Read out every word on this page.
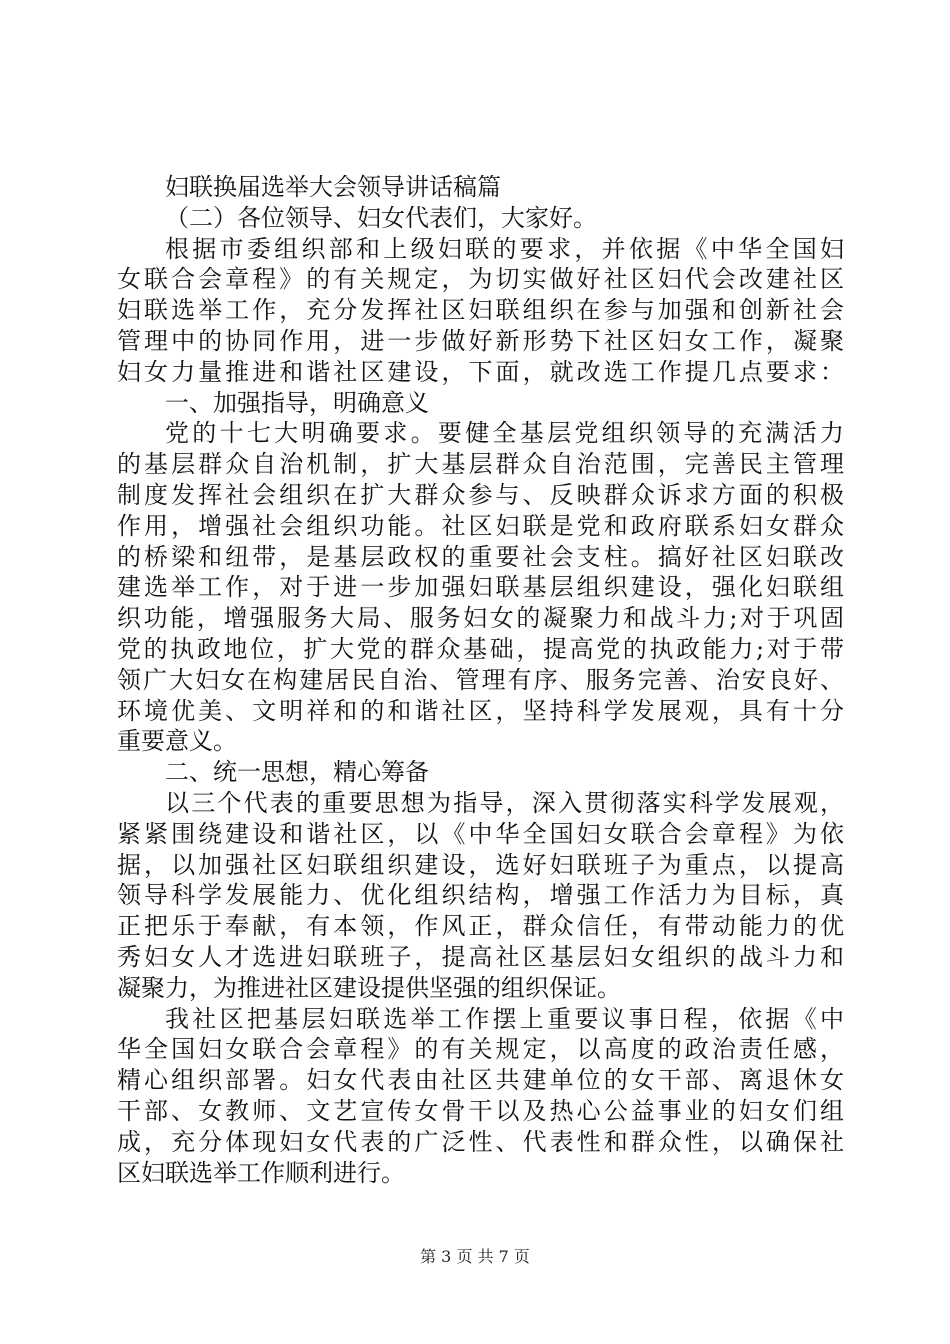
妇联换届选举大会领导讲话稿篇
（二）各位领导、妇女代表们，大家好。
根据市委组织部和上级妇联的要求，并依据《中华全国妇
女联合会章程》的有关规定，为切实做好社区妇代会改建社区
妇联选举工作，充分发挥社区妇联组织在参与加强和创新社会
管理中的协同作用，进一步做好新形势下社区妇女工作，凝聚
妇女力量推进和谐社区建设，下面，就改选工作提几点要求：
一、加强指导，明确意义
党的十七大明确要求。要健全基层党组织领导的充满活力
的基层群众自治机制，扩大基层群众自治范围，完善民主管理
制度发挥社会组织在扩大群众参与、反映群众诉求方面的积极
作用，增强社会组织功能。社区妇联是党和政府联系妇女群众
的桥梁和纽带，是基层政权的重要社会支柱。搞好社区妇联改
建选举工作，对于进一步加强妇联基层组织建设，强化妇联组
织功能，增强服务大局、服务妇女的凝聚力和战斗力;对于巩固
党的执政地位，扩大党的群众基础，提高党的执政能力;对于带
领广大妇女在构建居民自治、管理有序、服务完善、治安良好、
环境优美、文明祥和的和谐社区，坚持科学发展观，具有十分
重要意义。
二、统一思想，精心筹备
以三个代表的重要思想为指导，深入贯彻落实科学发展观，
紧紧围绕建设和谐社区，以《中华全国妇女联合会章程》为依
据，以加强社区妇联组织建设，选好妇联班子为重点，以提高
领导科学发展能力、优化组织结构，增强工作活力为目标，真
正把乐于奉献，有本领，作风正，群众信任，有带动能力的优
秀妇女人才选进妇联班子，提高社区基层妇女组织的战斗力和
凝聚力，为推进社区建设提供坚强的组织保证。
我社区把基层妇联选举工作摆上重要议事日程，依据《中
华全国妇女联合会章程》的有关规定，以高度的政治责任感，
精心组织部署。妇女代表由社区共建单位的女干部、离退休女
干部、女教师、文艺宣传女骨干以及热心公益事业的妇女们组
成，充分体现妇女代表的广泛性、代表性和群众性，以确保社
区妇联选举工作顺利进行。
第 3 页 共 7 页
